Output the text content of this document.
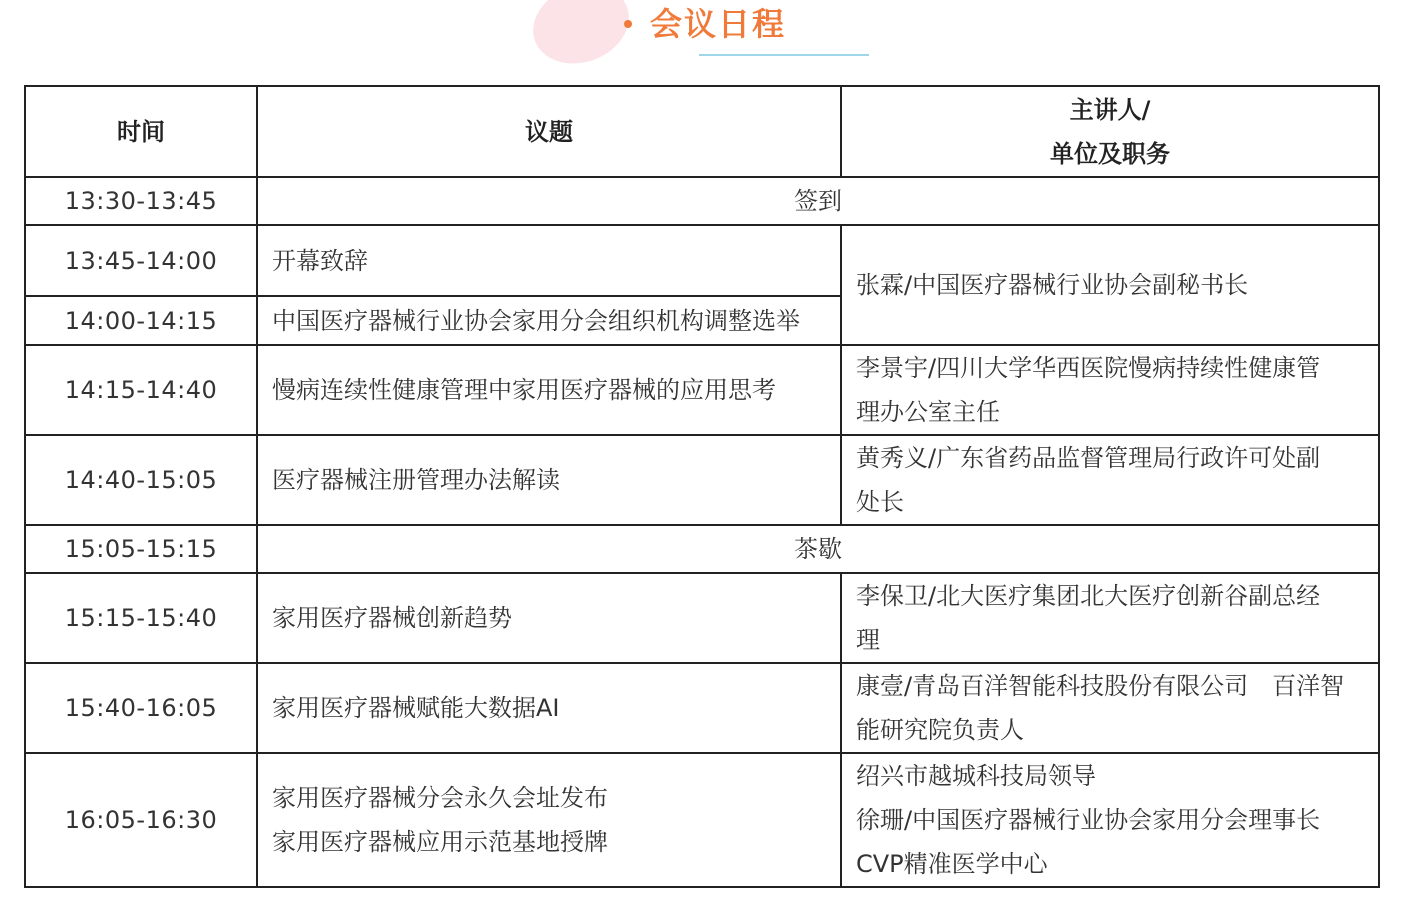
会议日程
时间	议题	主讲人/
单位及职务

13:30-13:45	签到	
13:45-14:00	开幕致辞	张霖/中国医疗器械行业协会副秘书长
14:00-14:15	中国医疗器械行业协会家用分会组织机构调整选举	
14:15-14:40	慢病连续性健康管理中家用医疗器械的应用思考	李景宇/四川大学华西医院慢病持续性健康管
理办公室主任

14:40-15:05	医疗器械注册管理办法解读	黄秀义/广东省药品监督管理局行政许可处副
处长

15:05-15:15	茶歇	
15:15-15:40	家用医疗器械创新趋势	李保卫/北大医疗集团北大医疗创新谷副总经
理

15:40-16:05	家用医疗器械赋能大数据AI	康壹/青岛百洋智能科技股份有限公司　百洋智
能研究院负责人

16:05-16:30	家用医疗器械分会永久会址发布
家用医疗器械应用示范基地授牌	绍兴市越城科技局领导
徐珊/中国医疗器械行业协会家用分会理事长
CVP精准医学中心
